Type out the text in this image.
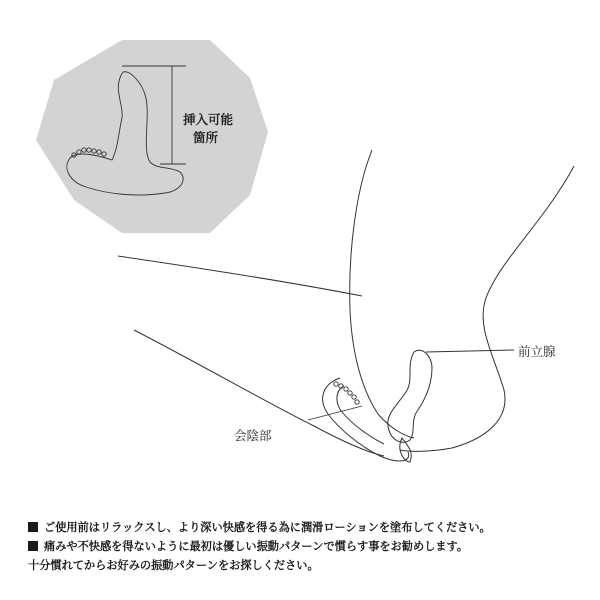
挿入可能
箇所
前立腺
会陰部
ご使用前はリラックスし、より深い快感を得る為に潤滑ローションを塗布してください。
痛みや不快感を得ないように最初は優しい振動パターンで慣らす事をお勧めします。
十分慣れてからお好みの振動パターンをお探しください。
